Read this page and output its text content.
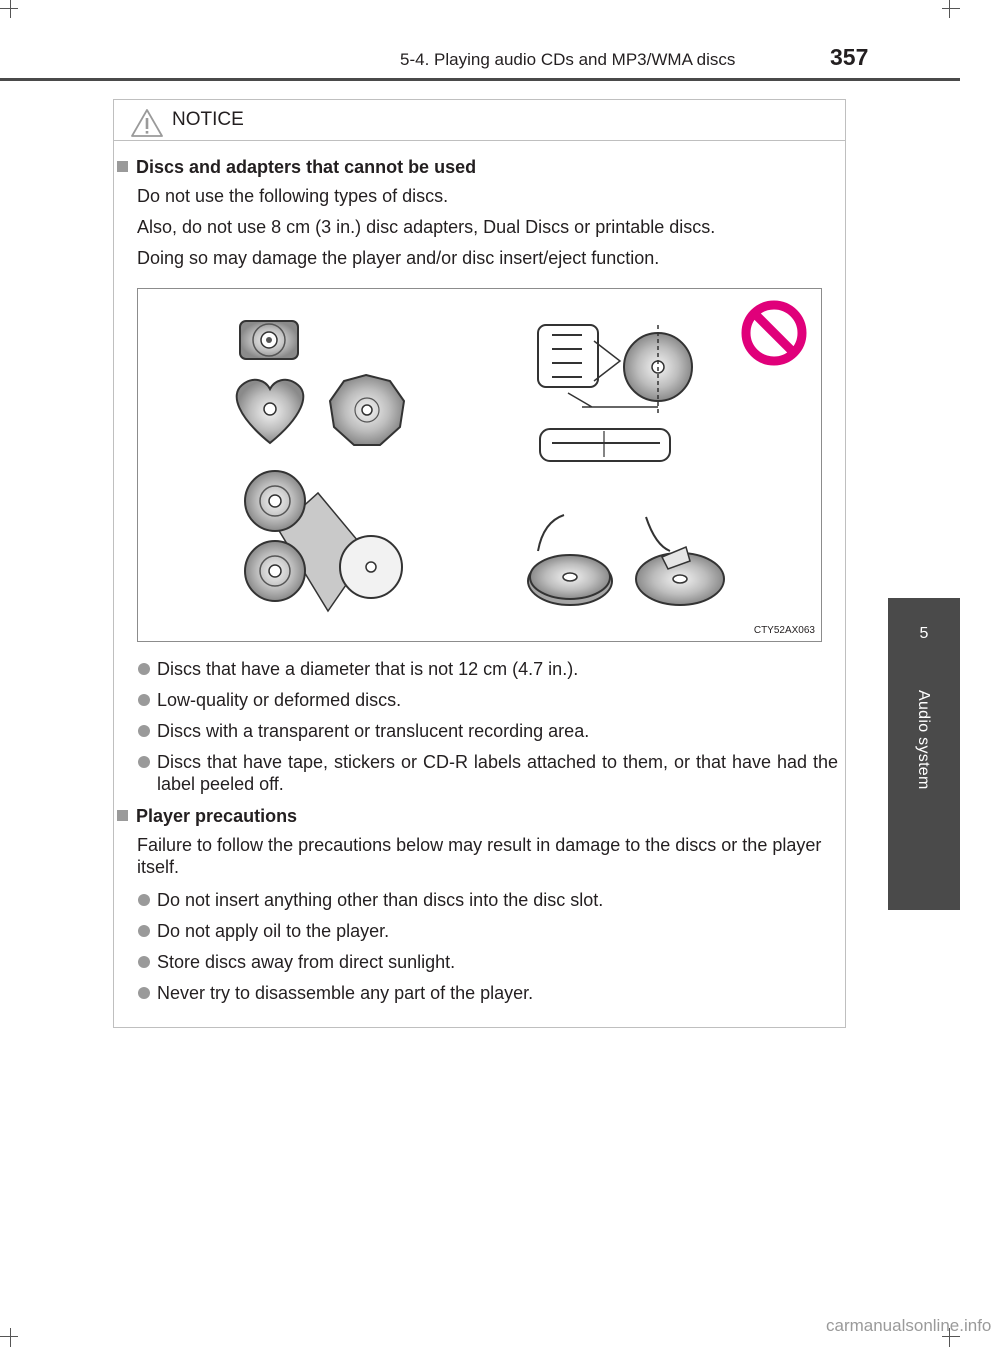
5-4. Playing audio CDs and MP3/WMA discs	357
5
Audio system
NOTICE
Discs and adapters that cannot be used
Do not use the following types of discs.
Also, do not use 8 cm (3 in.) disc adapters, Dual Discs or printable discs.
Doing so may damage the player and/or disc insert/eject function.
CTY52AX063
Discs that have a diameter that is not 12 cm (4.7 in.).
Low-quality or deformed discs.
Discs with a transparent or translucent recording area.
Discs that have tape, stickers or CD-R labels attached to them, or that have had the label peeled off.
Player precautions
Failure to follow the precautions below may result in damage to the discs or the player itself.
Do not insert anything other than discs into the disc slot.
Do not apply oil to the player.
Store discs away from direct sunlight.
Never try to disassemble any part of the player.
carmanualsonline.info
